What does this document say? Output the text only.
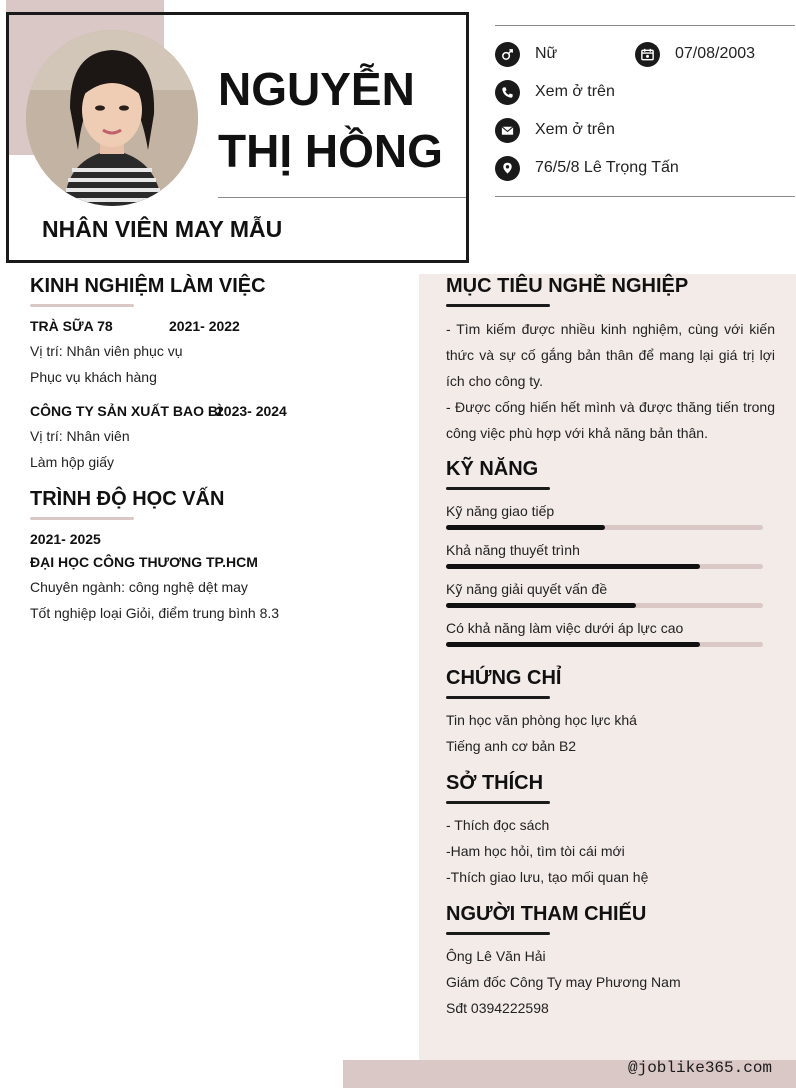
NGUYỄN
THỊ HỒNG
NHÂN VIÊN MAY MẪU
Nữ	07/08/2003
Xem ở trên
Xem ở trên
76/5/8 Lê Trọng Tấn
KINH NGHIỆM LÀM VIỆC
TRÀ SỮA 78	2021- 2022
Vị trí: Nhân viên phục vụ
Phục vụ khách hàng
CÔNG TY SẢN XUẤT BAO BÌ
2023- 2024
Vị trí: Nhân viên
Làm hộp giấy
TRÌNH ĐỘ HỌC VẤN
2021- 2025
ĐẠI HỌC CÔNG THƯƠNG TP.HCM
Chuyên ngành: công nghệ dệt may
Tốt nghiệp loại Giỏi, điểm trung bình 8.3
MỤC TIÊU NGHỀ NGHIỆP
- Tìm kiếm được nhiều kinh nghiệm, cùng với kiến thức và sự cố gắng bản thân để mang lại giá trị lợi ích cho công ty.
- Được cống hiến hết mình và được thăng tiến trong công việc phù hợp với khả năng bản thân.
KỸ NĂNG
Kỹ năng giao tiếp
Khả năng thuyết trình
Kỹ năng giải quyết vấn đề
Có khả năng làm việc dưới áp lực cao
CHỨNG CHỈ
Tin học văn phòng học lực khá
Tiếng anh cơ bản B2
SỞ THÍCH
- Thích đọc sách
-Ham học hỏi, tìm tòi cái mới
-Thích giao lưu, tạo mối quan hệ
NGƯỜI THAM CHIẾU
Ông Lê Văn Hải
Giám đốc Công Ty may Phương Nam
Sđt 0394222598
@joblike365.com
